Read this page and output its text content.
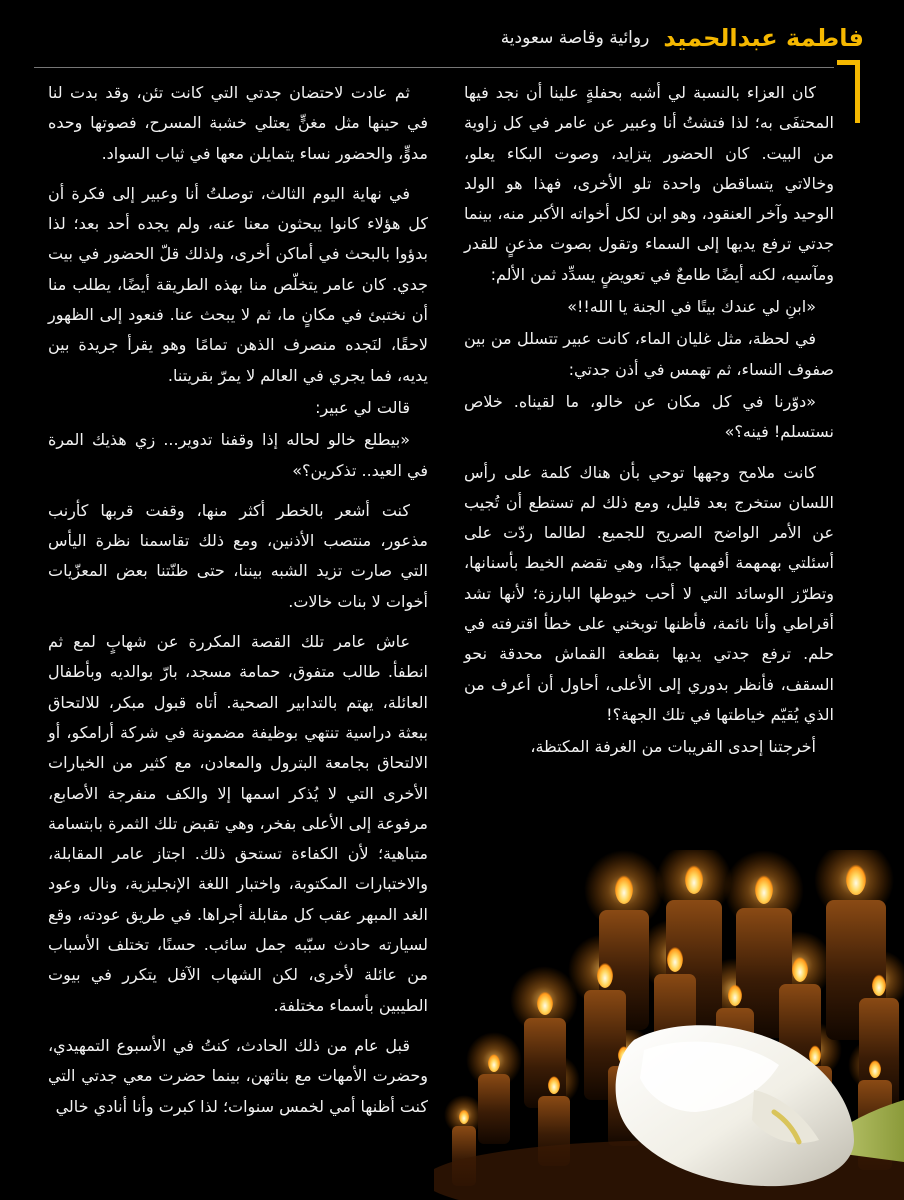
فاطمة عبدالحميد
روائية وقاصة سعودية

كان العزاء بالنسبة لي أشبه بحفلةٍ علينا أن نجد فيها المحتفَى به؛ لذا فتشتُ أنا وعبير عن عامر في كل زاوية من البيت. كان الحضور يتزايد، وصوت البكاء يعلو، وخالاتي يتساقطن واحدة تلو الأخرى، فهذا هو الولد الوحيد وآخر العنقود، وهو ابن لكل أخواته الأكبر منه، بينما جدتي ترفع يديها إلى السماء وتقول بصوت مذعنٍ للقدر ومآسيه، لكنه أيضًا طامعٌ في تعويضٍ يسدِّد ثمن الألم:

«ابنِ لي عندك بيتًا في الجنة يا الله!!»

في لحظة، مثل غليان الماء، كانت عبير تتسلل من بين صفوف النساء، ثم تهمس في أذن جدتي:

«دوّرنا في كل مكان عن خالو، ما لقيناه. خلاص نستسلم! فينه؟»

كانت ملامح وجهها توحي بأن هناك كلمة على رأس اللسان ستخرج بعد قليل، ومع ذلك لم تستطع أن تُجيب عن الأمر الواضح الصريح للجميع. لطالما ردّت على أسئلتي بهمهمة أفهمها جيدًا، وهي تقضم الخيط بأسنانها، وتطرّز الوسائد التي لا أحب خيوطها البارزة؛ لأنها تشد أقراطي وأنا نائمة، فأظنها توبخني على خطأ اقترفته في حلم. ترفع جدتي يديها بقطعة القماش محدقة نحو السقف، فأنظر بدوري إلى الأعلى، أحاول أن أعرف من الذي يُقيّم خياطتها في تلك الجهة؟!

أخرجتنا إحدى القريبات من الغرفة المكتظة،

ثم عادت لاحتضان جدتي التي كانت تئن، وقد بدت لنا في حينها مثل مغنٍّ يعتلي خشبة المسرح، فصوتها وحده مدوٍّ، والحضور نساء يتمايلن معها في ثياب السواد.

في نهاية اليوم الثالث، توصلتُ أنا وعبير إلى فكرة أن كل هؤلاء كانوا يبحثون معنا عنه، ولم يجده أحد بعد؛ لذا بدؤوا بالبحث في أماكن أخرى، ولذلك قلّ الحضور في بيت جدي. كان عامر يتخلّص منا بهذه الطريقة أيضًا، يطلب منا أن نختبئ في مكانٍ ما، ثم لا يبحث عنا. فنعود إلى الظهور لاحقًا، لنَجده منصرف الذهن تمامًا وهو يقرأ جريدة بين يديه، فما يجري في العالم لا يمرّ بقريتنا.

قالت لي عبير:

«بيطلع خالو لحاله إذا وقفنا تدوير... زي هذيك المرة في العيد.. تذكرين؟»

كنت أشعر بالخطر أكثر منها، وقفت قربها كأرنب مذعور، منتصب الأذنين، ومع ذلك تقاسمنا نظرة اليأس التي صارت تزيد الشبه بيننا، حتى ظنّتنا بعض المعزّيات أخوات لا بنات خالات.

عاش عامر تلك القصة المكررة عن شهابٍ لمع ثم انطفأ. طالب متفوق، حمامة مسجد، بارّ بوالديه وبأطفال العائلة، يهتم بالتدابير الصحية. أتاه قبول مبكر، للالتحاق ببعثة دراسية تنتهي بوظيفة مضمونة في شركة أرامكو، أو الالتحاق بجامعة البترول والمعادن، مع كثير من الخيارات الأخرى التي لا يُذكر اسمها إلا والكف منفرجة الأصابع، مرفوعة إلى الأعلى بفخر، وهي تقبض تلك الثمرة بابتسامة متباهية؛ لأن الكفاءة تستحق ذلك. اجتاز عامر المقابلة، والاختبارات المكتوبة، واختبار اللغة الإنجليزية، ونال وعود الغد المبهر عقب كل مقابلة أجراها. في طريق عودته، وقع لسيارته حادث سبّبه جمل سائب. حسنًا، تختلف الأسباب من عائلة لأخرى، لكن الشهاب الآفل يتكرر في بيوت الطيبين بأسماء مختلفة.

قبل عام من ذلك الحادث، كنتُ في الأسبوع التمهيدي، وحضرت الأمهات مع بناتهن، بينما حضرت معي جدتي التي كنت أظنها أمي لخمس سنوات؛ لذا كبرت وأنا أنادي خالي
